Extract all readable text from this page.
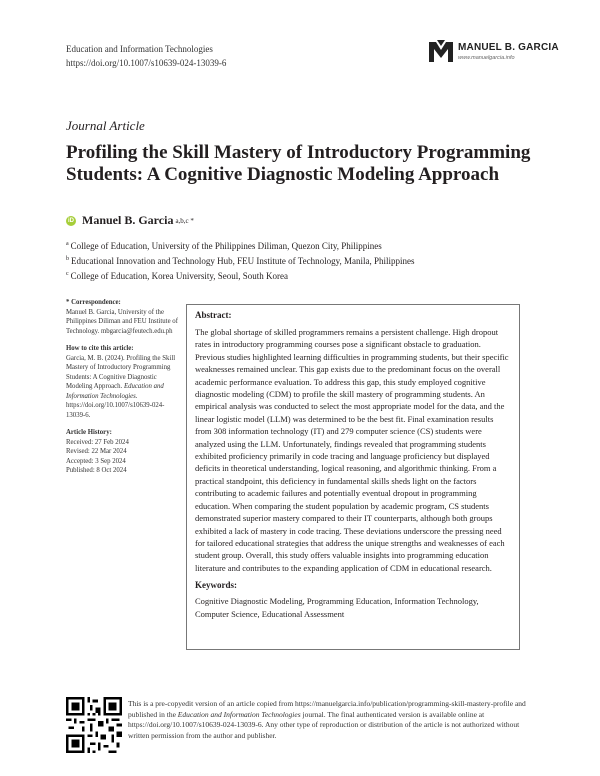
Education and Information Technologies
https://doi.org/10.1007/s10639-024-13039-6
MANUEL B. GARCIA
www.manuelgarcia.info
Journal Article
Profiling the Skill Mastery of Introductory Programming Students: A Cognitive Diagnostic Modeling Approach
iD Manuel B. Garcia a,b,c *
$^a$ College of Education, University of the Philippines Diliman, Quezon City, Philippines
$^b$ Educational Innovation and Technology Hub, FEU Institute of Technology, Manila, Philippines
$^c$ College of Education, Korea University, Seoul, South Korea
* Correspondence:
Manuel B. Garcia, University of the Philippines Diliman and FEU Institute of Technology. mbgarcia@feutech.edu.ph
How to cite this article:
Garcia, M. B. (2024). Profiling the Skill Mastery of Introductory Programming Students: A Cognitive Diagnostic Modeling Approach. Education and Information Technologies. https://doi.org/10.1007/s10639-024-13039-6.
Article History:
Received: 27 Feb 2024
Revised: 22 Mar 2024
Accepted: 3 Sep 2024
Published: 8 Oct 2024
Abstract:

The global shortage of skilled programmers remains a persistent challenge. High dropout rates in introductory programming courses pose a significant obstacle to graduation. Previous studies highlighted learning difficulties in programming students, but their specific weaknesses remained unclear. This gap exists due to the predominant focus on the overall academic performance evaluation. To address this gap, this study employed cognitive diagnostic modeling (CDM) to profile the skill mastery of programming students. An empirical analysis was conducted to select the most appropriate model for the data, and the linear logistic model (LLM) was determined to be the best fit. Final examination results from 308 information technology (IT) and 279 computer science (CS) students were analyzed using the LLM. Unfortunately, findings revealed that programming students exhibited proficiency primarily in code tracing and language proficiency but displayed deficits in theoretical understanding, logical reasoning, and algorithmic thinking. From a practical standpoint, this deficiency in fundamental skills sheds light on the factors contributing to academic failures and potentially eventual dropout in programming education. When comparing the student population by academic program, CS students demonstrated superior mastery compared to their IT counterparts, although both groups exhibited a lack of mastery in code tracing. These deviations underscore the pressing need for tailored educational strategies that address the unique strengths and weaknesses of each student group. Overall, this study offers valuable insights into programming education literature and contributes to the expanding application of CDM in educational research.

Keywords:
Cognitive Diagnostic Modeling, Programming Education, Information Technology, Computer Science, Educational Assessment
This is a pre-copyedit version of an article copied from https://manuelgarcia.info/publication/programming-skill-mastery-profile and published in the Education and Information Technologies journal. The final authenticated version is available online at https://doi.org/10.1007/s10639-024-13039-6. Any other type of reproduction or distribution of the article is not authorized without written permission from the author and publisher.
